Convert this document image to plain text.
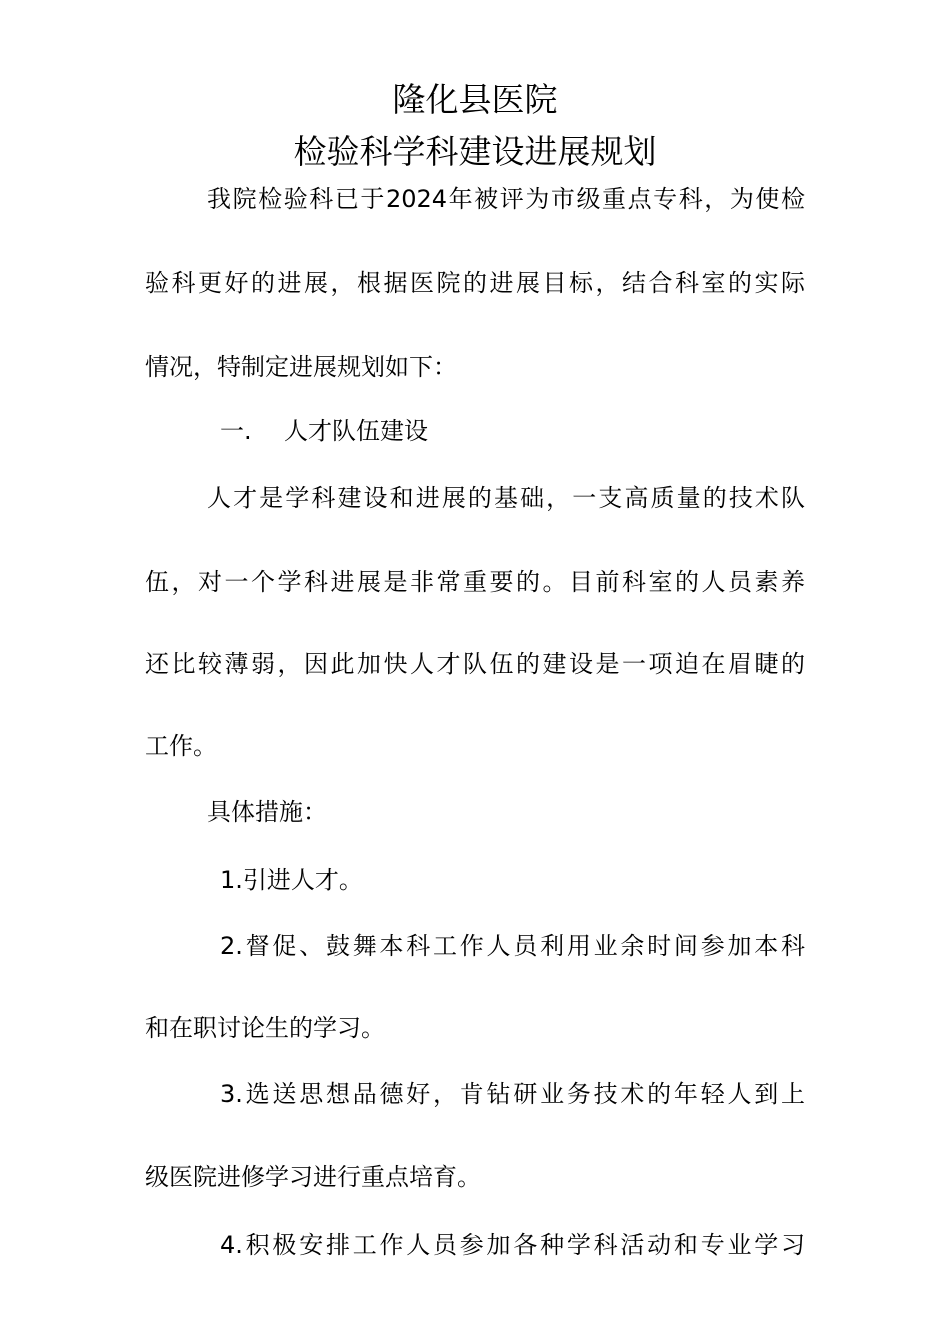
隆化县医院
检验科学科建设进展规划
我院检验科已于2024年被评为市级重点专科，为使检
验科更好的进展，根据医院的进展目标，结合科室的实际
情况，特制定进展规划如下：
一. 人才队伍建设
人才是学科建设和进展的基础，一支高质量的技术队
伍，对一个学科进展是非常重要的。目前科室的人员素养
还比较薄弱，因此加快人才队伍的建设是一项迫在眉睫的
工作。
具体措施：
1.引进人才。
2.督促、鼓舞本科工作人员利用业余时间参加本科
和在职讨论生的学习。
3.选送思想品德好，肯钻研业务技术的年轻人到上
级医院进修学习进行重点培育。
4.积极安排工作人员参加各种学科活动和专业学习
